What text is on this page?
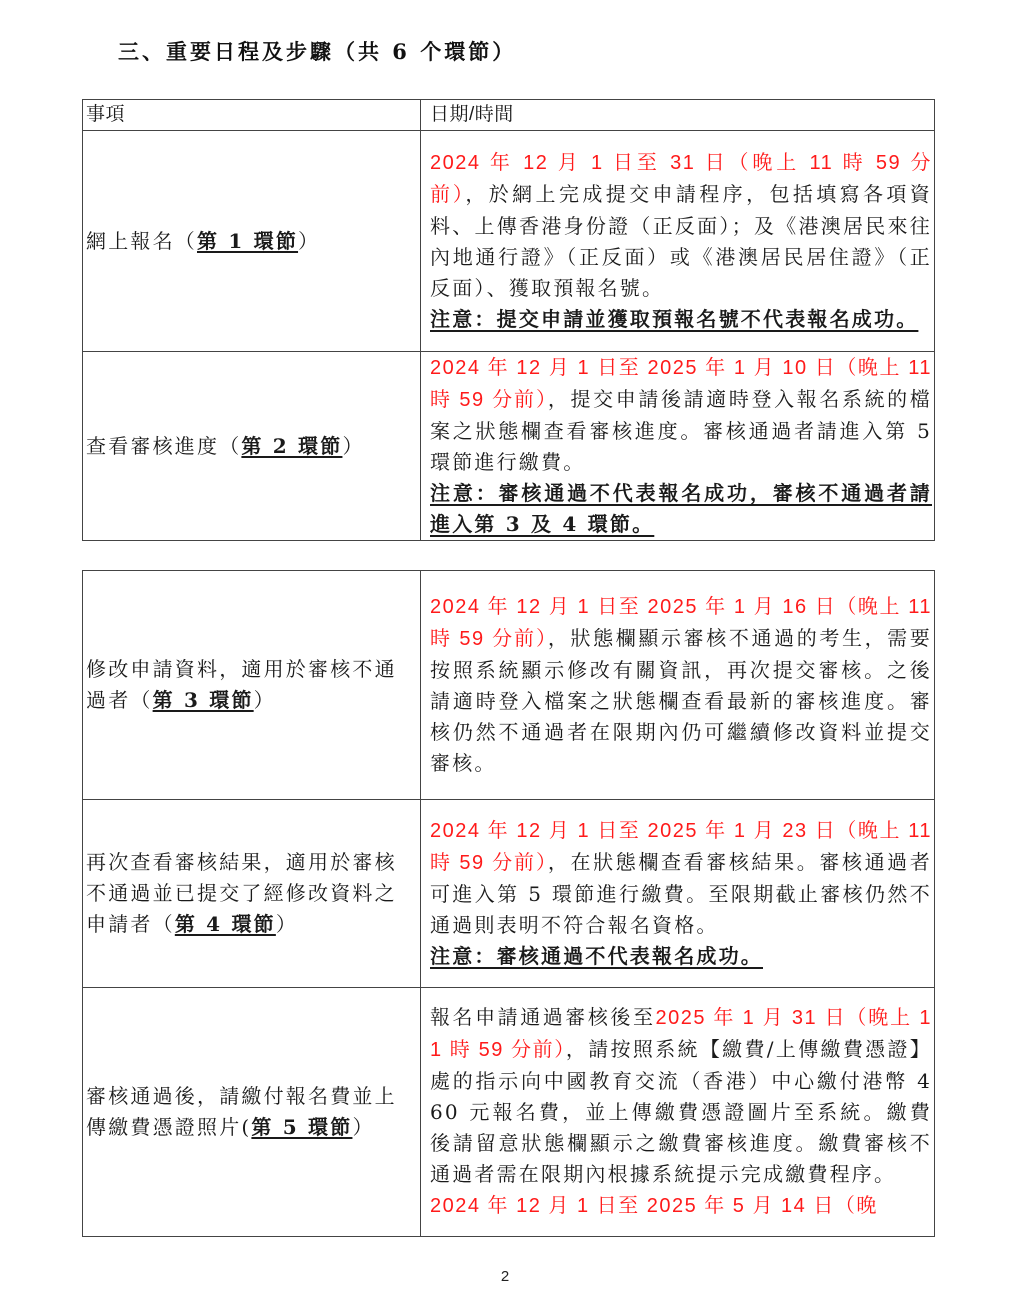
三、重要日程及步驟（共 6 个環節）
事項	日期/時間
網上報名（第 1 環節）	2024 年 12 月 1 日至 31 日（晚上 11 時 59 分前），於網上完成提交申請程序，包括填寫各項資料、上傳香港身份證（正反面）；及《港澳居民來往內地通行證》（正反面）或《港澳居民居住證》（正反面）、獲取預報名號。
注意：提交申請並獲取預報名號不代表報名成功。
查看審核進度（第 2 環節）	2024 年 12 月 1 日至 2025 年 1 月 10 日（晚上 11 時 59 分前），提交申請後請適時登入報名系統的檔案之狀態欄查看審核進度。審核通過者請進入第 5 環節進行繳費。
注意：審核通過不代表報名成功，審核不通過者請進入第 3 及 4 環節。
修改申請資料，適用於審核不通過者（第 3 環節）	2024 年 12 月 1 日至 2025 年 1 月 16 日（晚上 11 時 59 分前），狀態欄顯示審核不通過的考生，需要按照系統顯示修改有關資訊，再次提交審核。之後請適時登入檔案之狀態欄查看最新的審核進度。審核仍然不通過者在限期內仍可繼續修改資料並提交審核。
再次查看審核結果，適用於審核不通過並已提交了經修改資料之申請者（第 4 環節）	2024 年 12 月 1 日至 2025 年 1 月 23 日（晚上 11 時 59 分前），在狀態欄查看審核結果。審核通過者可進入第 5 環節進行繳費。至限期截止審核仍然不通過則表明不符合報名資格。
注意：審核通過不代表報名成功。
審核通過後，請繳付報名費並上傳繳費憑證照片(第 5 環節）	報名申請通過審核後至2025 年 1 月 31 日（晚上 11 時 59 分前），請按照系統【繳費/上傳繳費憑證】處的指示向中國教育交流（香港）中心繳付港幣 460 元報名費，並上傳繳費憑證圖片至系統。繳費後請留意狀態欄顯示之繳費審核進度。繳費審核不通過者需在限期內根據系統提示完成繳費程序。
2024 年 12 月 1 日至 2025 年 5 月 14 日（晚
2
